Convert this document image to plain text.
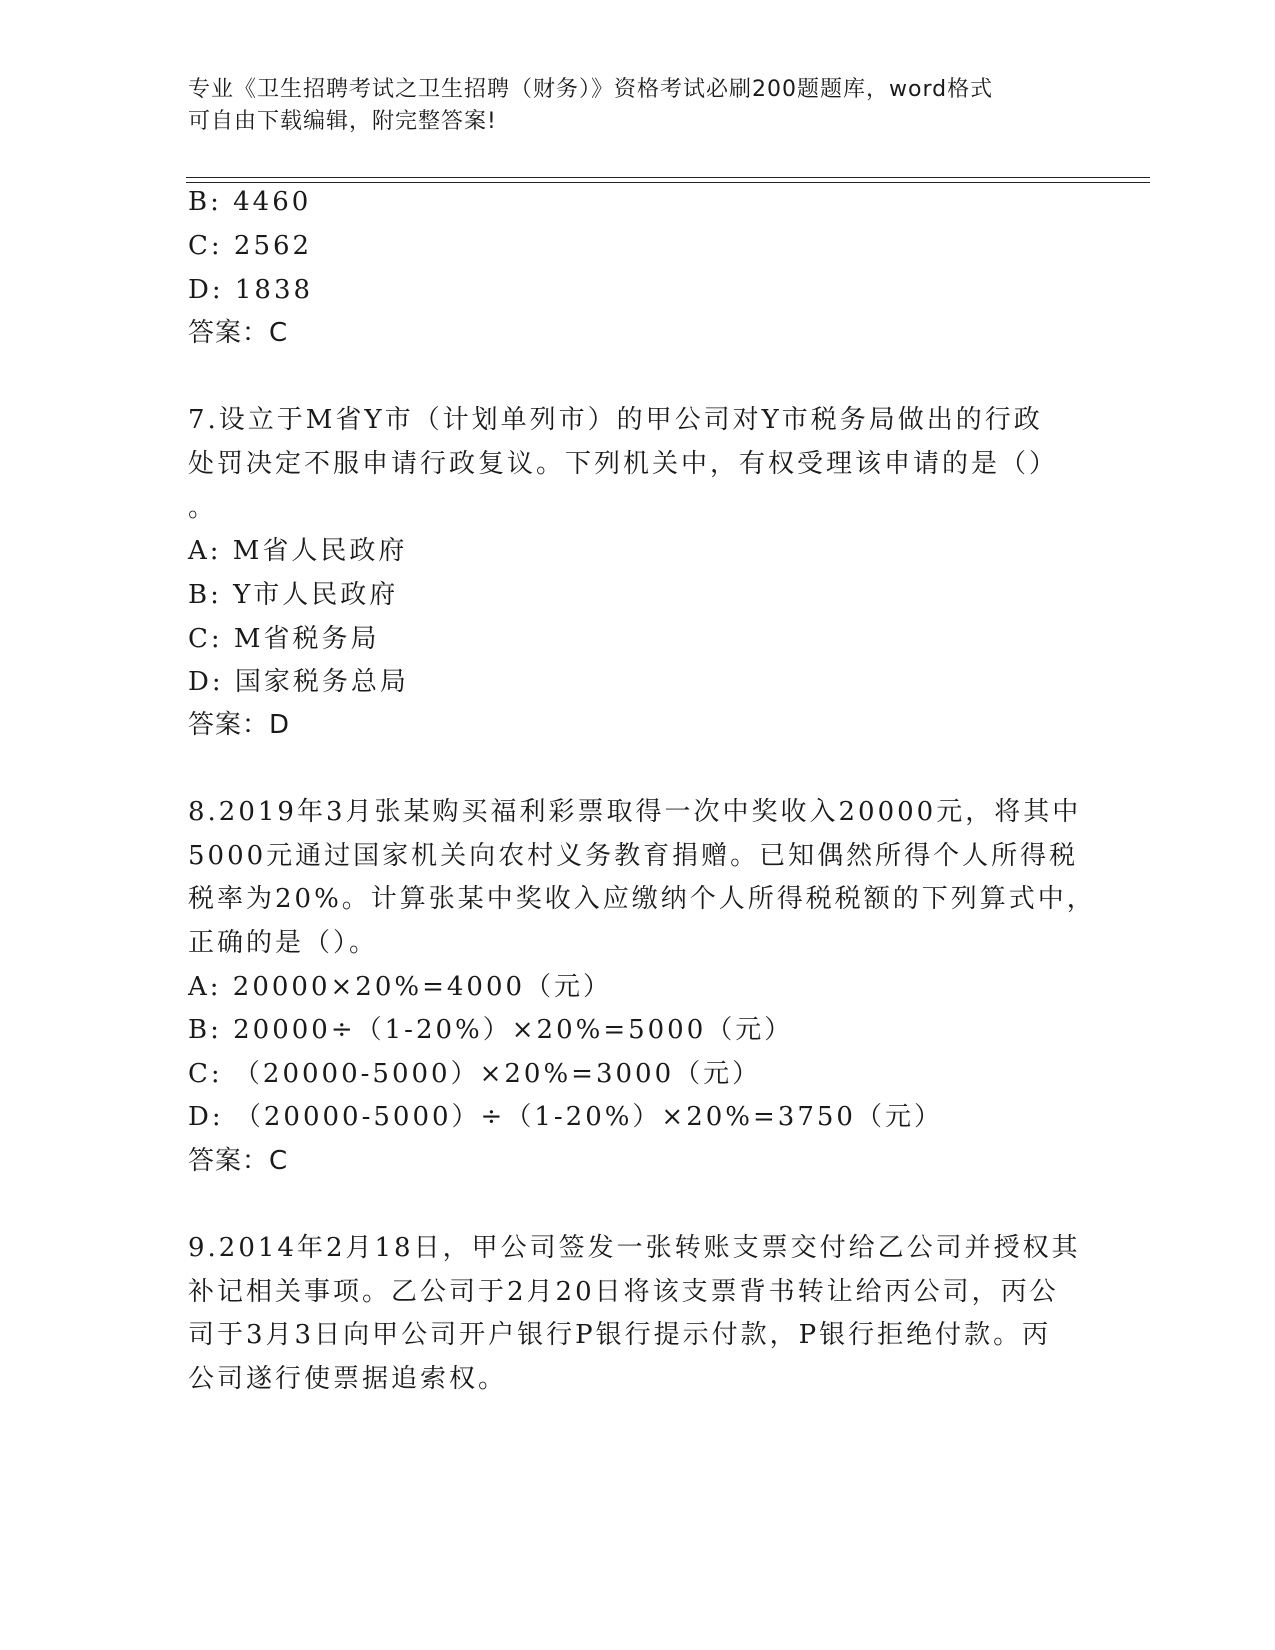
专业《卫生招聘考试之卫生招聘（财务）》资格考试必刷200题题库，word格式
可自由下载编辑，附完整答案!
B: 4460
C: 2562
D: 1838
答案：C
7.设立于M省Y市（计划单列市）的甲公司对Y市税务局做出的行政
处罚决定不服申请行政复议。下列机关中，有权受理该申请的是（）
。
A: M省人民政府
B: Y市人民政府
C: M省税务局
D: 国家税务总局
答案：D
8.2019年3月张某购买福利彩票取得一次中奖收入20000元，将其中
5000元通过国家机关向农村义务教育捐赠。已知偶然所得个人所得税
税率为20%。计算张某中奖收入应缴纳个人所得税税额的下列算式中，
正确的是（）。
A: 20000×20%=4000（元）
B: 20000÷（1-20%）×20%=5000（元）
C: （20000-5000）×20%=3000（元）
D: （20000-5000）÷（1-20%）×20%=3750（元）
答案：C
9.2014年2月18日，甲公司签发一张转账支票交付给乙公司并授权其
补记相关事项。乙公司于2月20日将该支票背书转让给丙公司，丙公
司于3月3日向甲公司开户银行P银行提示付款，P银行拒绝付款。丙
公司遂行使票据追索权。
